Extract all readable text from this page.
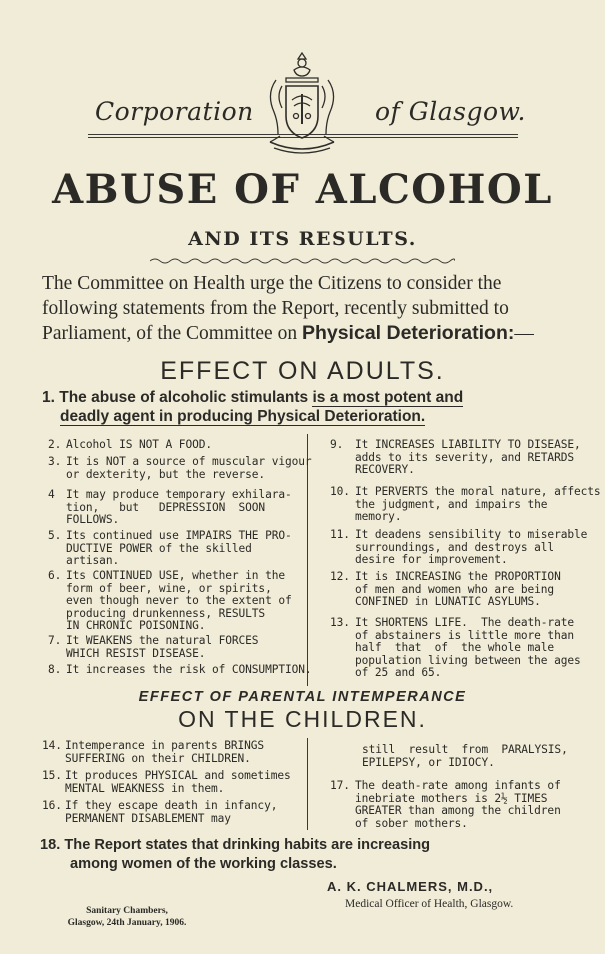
Corporation	of Glasgow.
ABUSE OF ALCOHOL
AND ITS RESULTS.
The Committee on Health urge the Citizens to consider the
following statements from the Report, recently submitted to
Parliament, of the Committee on Physical Deterioration:—
EFFECT ON ADULTS.
1. The abuse of alcoholic stimulants is a most potent and
deadly agent in producing Physical Deterioration.
2. Alcohol IS NOT A FOOD.
3. It is NOT a source of muscular vigour
or dexterity, but the reverse.
4 It may produce temporary exhilara-
tion,   but   DEPRESSION  SOON
FOLLOWS.
5. Its continued use IMPAIRS THE PRO-
DUCTIVE POWER of the skilled
artisan.
6. Its CONTINUED USE, whether in the
form of beer, wine, or spirits,
even though never to the extent of
producing drunkenness, RESULTS
IN CHRONIC POISONING.
7. It WEAKENS the natural FORCES
WHICH RESIST DISEASE.
8. It increases the risk of CONSUMPTION.
9. It INCREASES LIABILITY TO DISEASE,
adds to its severity, and RETARDS
RECOVERY.
10. It PERVERTS the moral nature, affects
the judgment, and impairs the
memory.
11. It deadens sensibility to miserable
surroundings, and destroys all
desire for improvement.
12. It is INCREASING the PROPORTION
of men and women who are being
CONFINED in LUNATIC ASYLUMS.
13. It SHORTENS LIFE.  The death-rate
of abstainers is little more than
half  that  of  the whole male
population living between the ages
of 25 and 65.
EFFECT OF PARENTAL INTEMPERANCE
ON THE CHILDREN.
14. Intemperance in parents BRINGS
SUFFERING on their CHILDREN.
15. It produces PHYSICAL and sometimes
MENTAL WEAKNESS in them.
16. If they escape death in infancy,
PERMANENT DISABLEMENT may
still  result  from  PARALYSIS,
EPILEPSY, or IDIOCY.
17. The death-rate among infants of
inebriate mothers is 2½ TIMES
GREATER than among the children
of sober mothers.
18. The Report states that drinking habits are increasing
among women of the working classes.
A. K. CHALMERS, M.D.,
Medical Officer of Health, Glasgow.
Sanitary Chambers,
Glasgow, 24th January, 1906.
